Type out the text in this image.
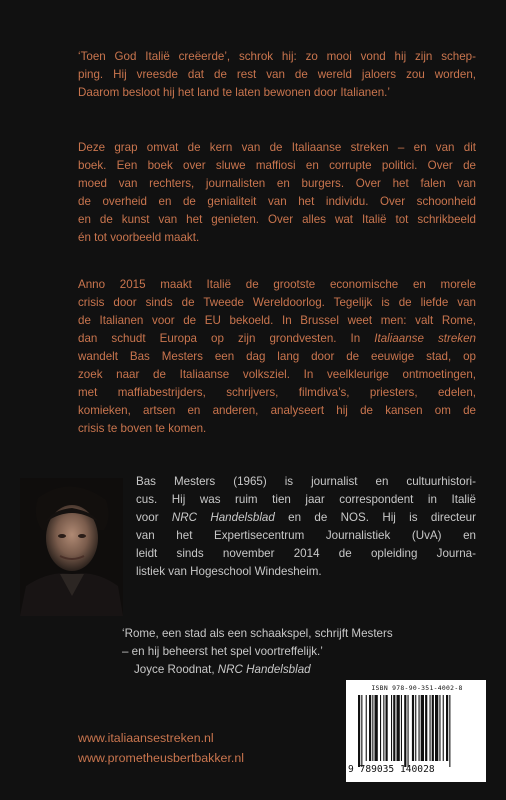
‘Toen God Italië creëerde’, schrok hij: zo mooi vond hij zijn schep-
ping. Hij vreesde dat de rest van de wereld jaloers zou worden,
Daarom besloot hij het land te laten bewonen door Italianen.’
Deze grap omvat de kern van de Italiaanse streken – en van dit
boek. Een boek over sluwe maffiosi en corrupte politici. Over de
moed van rechters, journalisten en burgers. Over het falen van
de overheid en de genialiteit van het individu. Over schoonheid
en de kunst van het genieten. Over alles wat Italië tot schrikbeeld
én tot voorbeeld maakt.
Anno 2015 maakt Italië de grootste economische en morele
crisis door sinds de Tweede Wereldoorlog. Tegelijk is de liefde van
de Italianen voor de EU bekoeld. In Brussel weet men: valt Rome,
dan schudt Europa op zijn grondvesten. In Italiaanse streken
wandelt Bas Mesters een dag lang door de eeuwige stad, op
zoek naar de Italiaanse volksziel. In veelkleurige ontmoetingen,
met maffiabestrijders, schrijvers, filmdiva’s, priesters, edelen,
komieken, artsen en anderen, analyseert hij de kansen om de
crisis te boven te komen.
Bas Mesters (1965) is journalist en cultuurhistori-
cus. Hij was ruim tien jaar correspondent in Italië
voor NRC Handelsblad en de NOS. Hij is directeur
van het Expertisecentrum Journalistiek (UvA) en
leidt sinds november 2014 de opleiding Journa-
listiek van Hogeschool Windesheim.
‘Rome, een stad als een schaakspel, schrijft Mesters
– en hij beheerst het spel voortreffelijk.’
Joyce Roodnat, NRC Handelsblad
www.italiaansestreken.nl
www.prometheusbertbakker.nl
ISBN 978-90-351-4002-8
9 789035 140028
